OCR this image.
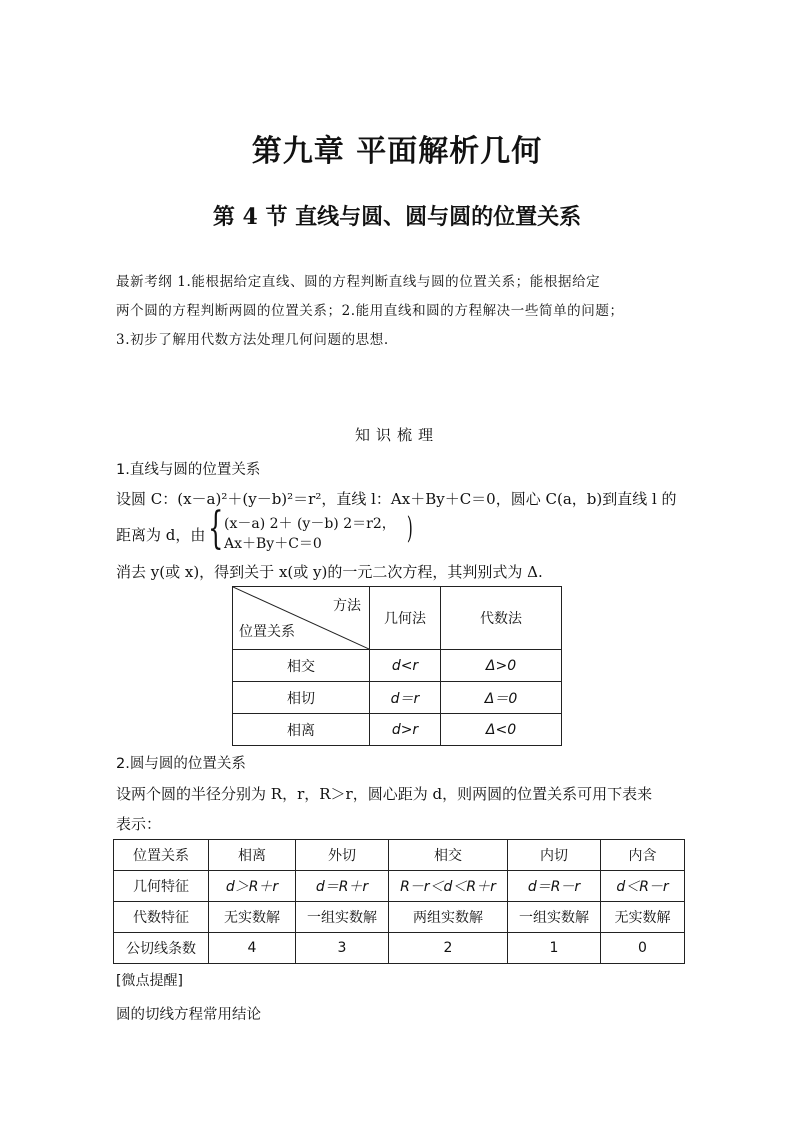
第九章 平面解析几何
第 4 节 直线与圆、圆与圆的位置关系
最新考纲 1.能根据给定直线、圆的方程判断直线与圆的位置关系；能根据给定
两个圆的方程判断两圆的位置关系；2.能用直线和圆的方程解决一些简单的问题；
3.初步了解用代数方法处理几何问题的思想.
知识梳理
1.直线与圆的位置关系
设圆 C：(x－a)²＋(y－b)²＝r²，直线 l：Ax＋By＋C＝0，圆心 C(a，b)到直线 l 的
距离为 d，由 { (x－a) 2＋ (y－b) 2＝r2，
Ax＋By＋C＝0	)
消去 y(或 x)，得到关于 x(或 y)的一元二次方程，其判别式为 Δ.
方法
位置关系	几何法	代数法
相交	d<r	Δ>0
相切	d＝r	Δ＝0
相离	d>r	Δ<0
2.圆与圆的位置关系
设两个圆的半径分别为 R，r，R＞r，圆心距为 d，则两圆的位置关系可用下表来
表示：
位置关系	相离	外切	相交	内切	内含
几何特征	d＞R＋r	d＝R＋r	R－r＜d＜R＋r	d＝R－r	d＜R－r
代数特征	无实数解	一组实数解	两组实数解	一组实数解	无实数解
公切线条数	4	3	2	1	0
[微点提醒]
圆的切线方程常用结论
